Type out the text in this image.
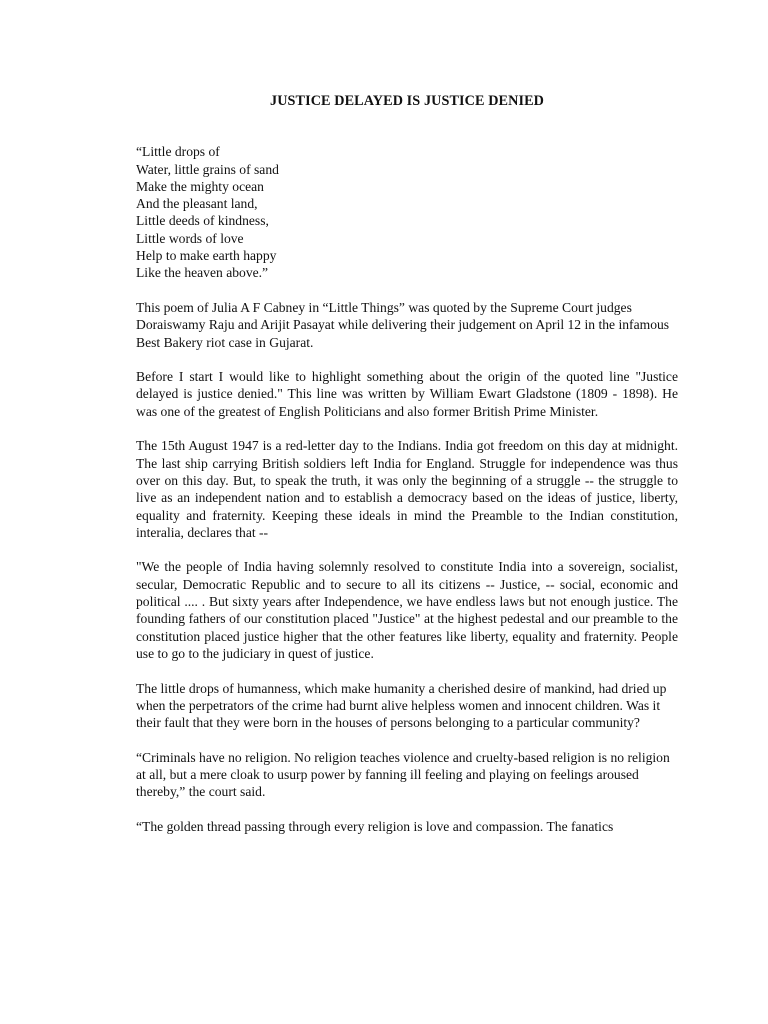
JUSTICE DELAYED IS JUSTICE DENIED
“Little drops of
Water, little grains of sand
Make the mighty ocean
And the pleasant land,
Little deeds of kindness,
Little words of love
Help to make earth happy
Like the heaven above.”

This poem of Julia A F Cabney in “Little Things” was quoted by the Supreme Court judges Doraiswamy Raju and Arijit Pasayat while delivering their judgement on April 12 in the infamous Best Bakery riot case in Gujarat.

Before I start I would like to highlight something about the origin of the quoted line "Justice delayed is justice denied." This line was written by William Ewart Gladstone (1809 - 1898). He was one of the greatest of English Politicians and also former British Prime Minister.

The 15th August 1947 is a red-letter day to the Indians. India got freedom on this day at midnight. The last ship carrying British soldiers left India for England. Struggle for independence was thus over on this day. But, to speak the truth, it was only the beginning of a struggle -- the struggle to live as an independent nation and to establish a democracy based on the ideas of justice, liberty, equality and fraternity. Keeping these ideals in mind the Preamble to the Indian constitution, interalia, declares that --

"We the people of India having solemnly resolved to constitute India into a sovereign, socialist, secular, Democratic Republic and to secure to all its citizens -- Justice, -- social, economic and political .... . But sixty years after Independence, we have endless laws but not enough justice. The founding fathers of our constitution placed "Justice" at the highest pedestal and our preamble to the constitution placed justice higher that the other features like liberty, equality and fraternity. People use to go to the judiciary in quest of justice.

The little drops of humanness, which make humanity a cherished desire of mankind, had dried up when the perpetrators of the crime had burnt alive helpless women and innocent children. Was it their fault that they were born in the houses of persons belonging to a particular community?

“Criminals have no religion. No religion teaches violence and cruelty-based religion is no religion at all, but a mere cloak to usurp power by fanning ill feeling and playing on feelings aroused thereby,” the court said.

“The golden thread passing through every religion is love and compassion. The fanatics
